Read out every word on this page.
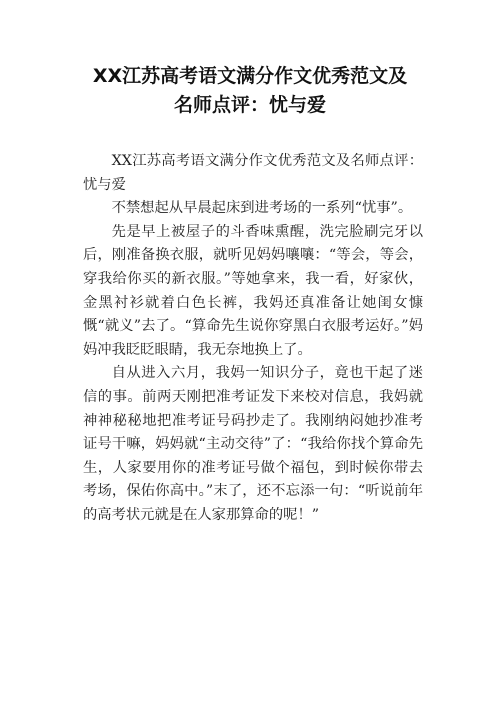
XX江苏高考语文满分作文优秀范文及
名师点评：忧与爱

XX江苏高考语文满分作文优秀范文及名师点评：忧与爱

不禁想起从早晨起床到进考场的一系列“忧事”。

先是早上被屋子的斗香味熏醒，洗完脸刷完牙以后，刚准备换衣服，就听见妈妈嚷嚷：“等会，等会，穿我给你买的新衣服。”等她拿来，我一看，好家伙，金黑衬衫就着白色长裤，我妈还真准备让她闺女慷慨“就义”去了。“算命先生说你穿黑白衣服考运好。”妈妈冲我眨眨眼睛，我无奈地换上了。

自从进入六月，我妈一知识分子，竟也干起了迷信的事。前两天刚把准考证发下来校对信息，我妈就神神秘秘地把准考证号码抄走了。我刚纳闷她抄准考证号干嘛，妈妈就“主动交待”了：“我给你找个算命先生，人家要用你的准考证号做个福包，到时候你带去考场，保佑你高中。”末了，还不忘添一句：“听说前年的高考状元就是在人家那算命的呢！”
